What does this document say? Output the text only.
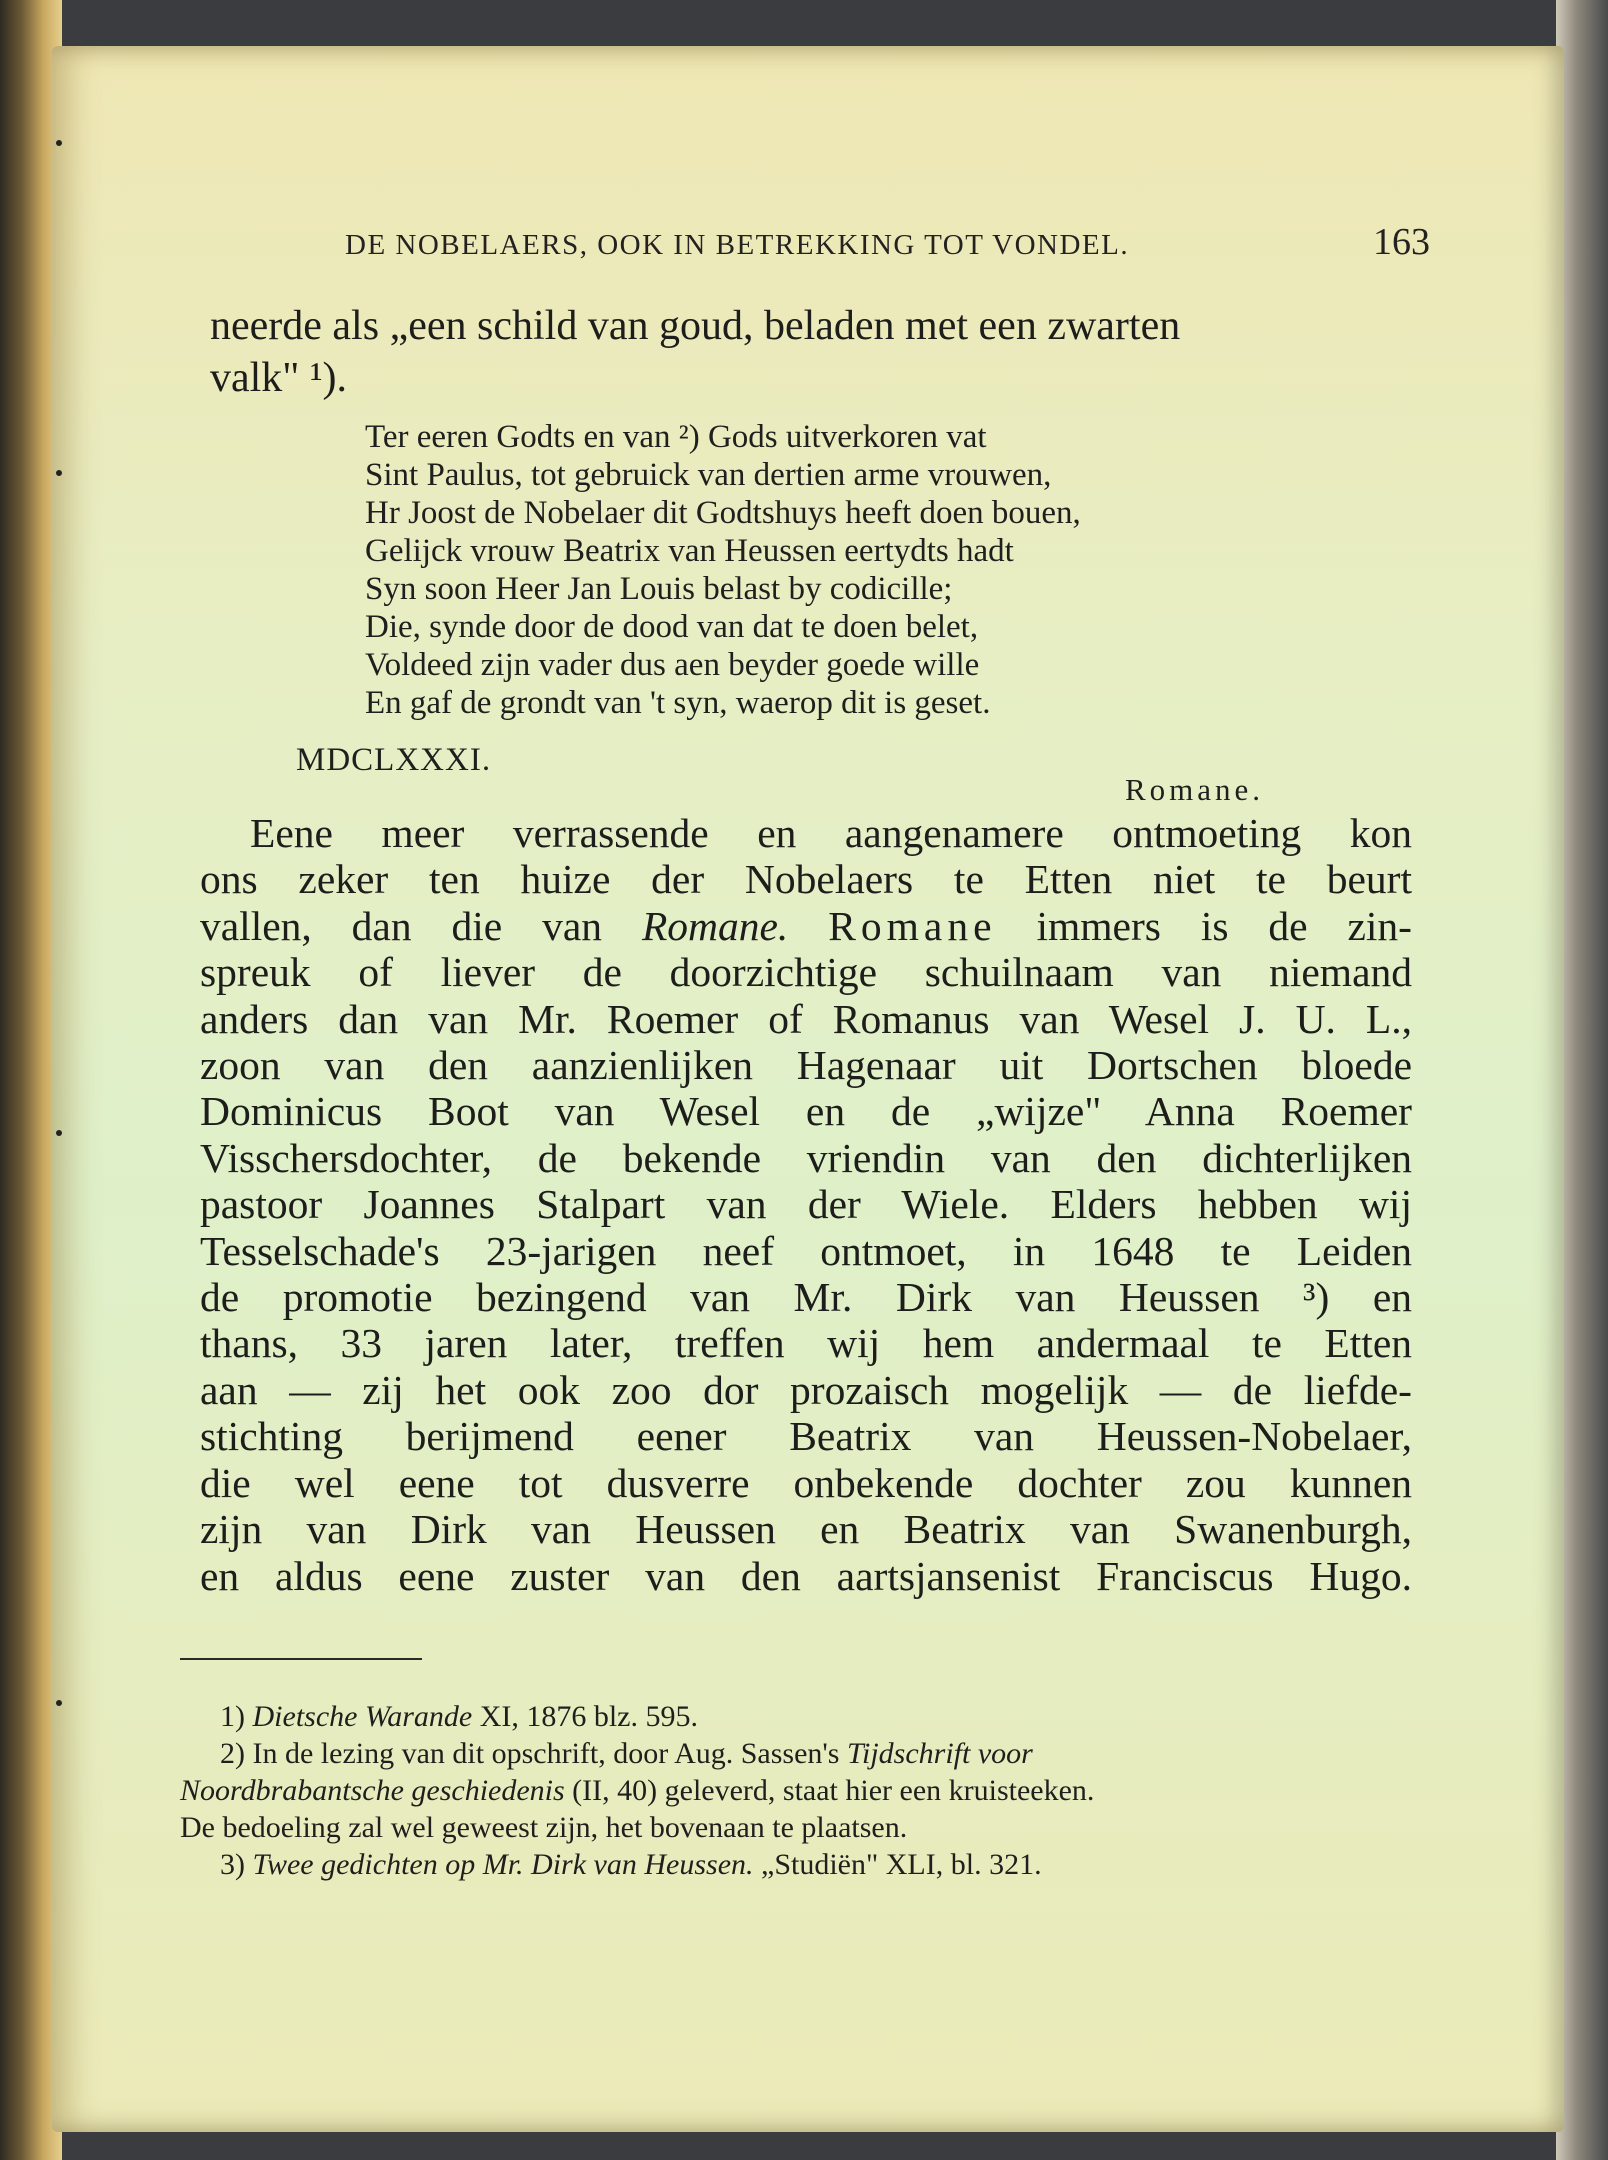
DE NOBELAERS, OOK IN BETREKKING TOT VONDEL.	163
neerde als „een schild van goud, beladen met een zwarten
valk" ¹).
Ter eeren Godts en van ²) Gods uitverkoren vat
Sint Paulus, tot gebruick van dertien arme vrouwen,
Hr Joost de Nobelaer dit Godtshuys heeft doen bouen,
Gelijck vrouw Beatrix van Heussen eertydts hadt
Syn soon Heer Jan Louis belast by codicille;
Die, synde door de dood van dat te doen belet,
Voldeed zijn vader dus aen beyder goede wille
En gaf de grondt van 't syn, waerop dit is geset.
MDCLXXXI.
Romane.
Eene meer verrassende en aangenamere ontmoeting kon
ons zeker ten huize der Nobelaers te Etten niet te beurt
vallen, dan die van Romane. Romane immers is de zin-
spreuk of liever de doorzichtige schuilnaam van niemand
anders dan van Mr. Roemer of Romanus van Wesel J. U. L.,
zoon van den aanzienlijken Hagenaar uit Dortschen bloede
Dominicus Boot van Wesel en de „wijze" Anna Roemer
Visschersdochter, de bekende vriendin van den dichterlijken
pastoor Joannes Stalpart van der Wiele. Elders hebben wij
Tesselschade's 23-jarigen neef ontmoet, in 1648 te Leiden
de promotie bezingend van Mr. Dirk van Heussen ³) en
thans, 33 jaren later, treffen wij hem andermaal te Etten
aan — zij het ook zoo dor prozaisch mogelijk — de liefde-
stichting berijmend eener Beatrix van Heussen-Nobelaer,
die wel eene tot dusverre onbekende dochter zou kunnen
zijn van Dirk van Heussen en Beatrix van Swanenburgh,
en aldus eene zuster van den aartsjansenist Franciscus Hugo.
1) Dietsche Warande XI, 1876 blz. 595.
2) In de lezing van dit opschrift, door Aug. Sassen's Tijdschrift voor
Noordbrabantsche geschiedenis (II, 40) geleverd, staat hier een kruisteeken.
De bedoeling zal wel geweest zijn, het bovenaan te plaatsen.
3) Twee gedichten op Mr. Dirk van Heussen. „Studiën" XLI, bl. 321.
